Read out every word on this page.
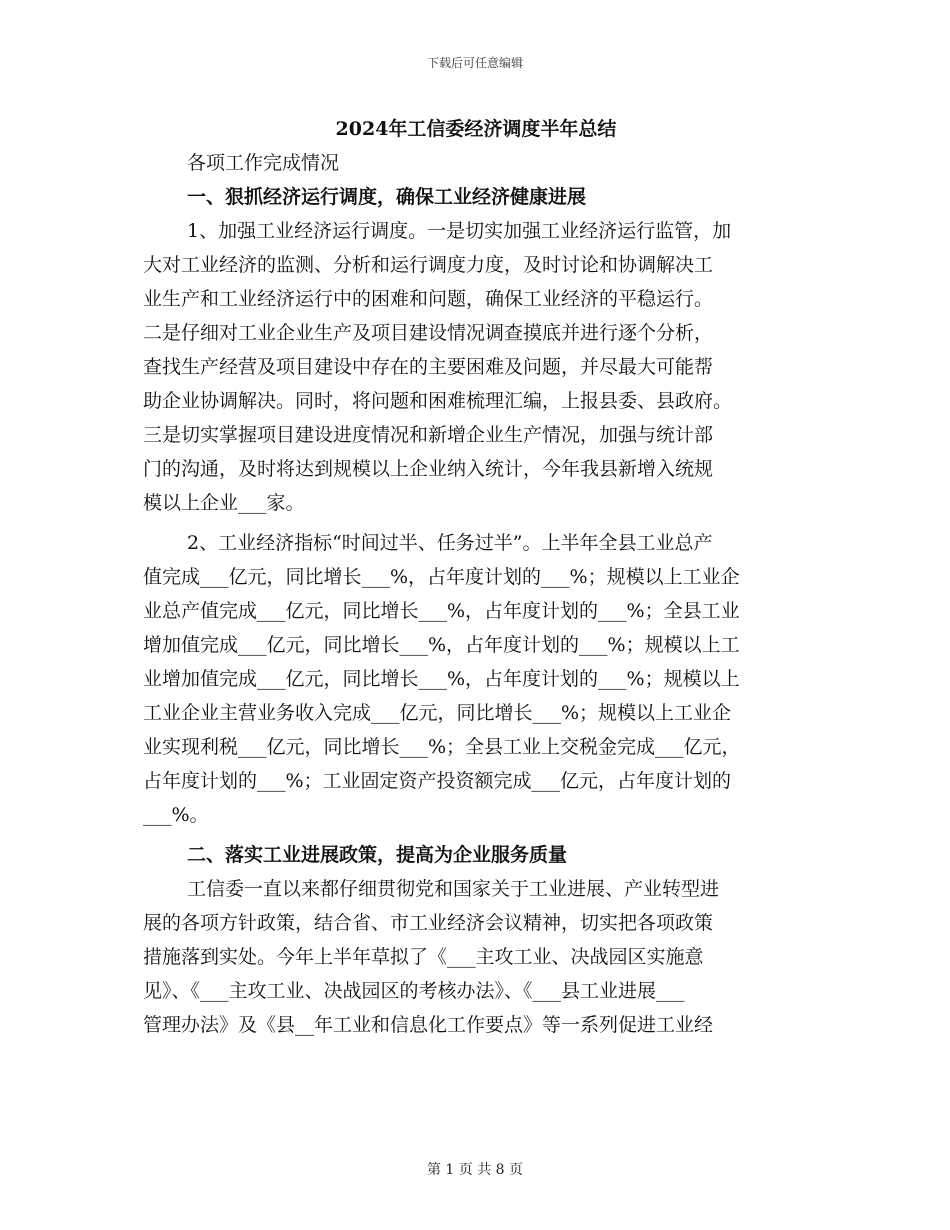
下载后可任意编辑

2024年工信委经济调度半年总结

各项工作完成情况

一、狠抓经济运行调度，确保工业经济健康进展

1、加强工业经济运行调度。一是切实加强工业经济运行监管，加

大对工业经济的监测、分析和运行调度力度，及时讨论和协调解决工

业生产和工业经济运行中的困难和问题，确保工业经济的平稳运行。

二是仔细对工业企业生产及项目建设情况调查摸底并进行逐个分析，

查找生产经营及项目建设中存在的主要困难及问题，并尽最大可能帮

助企业协调解决。同时，将问题和困难梳理汇编，上报县委、县政府。

三是切实掌握项目建设进度情况和新增企业生产情况，加强与统计部

门的沟通，及时将达到规模以上企业纳入统计，今年我县新增入统规

模以上企业___家。

2、工业经济指标“时间过半、任务过半”。上半年全县工业总产

值完成___亿元，同比增长___%，占年度计划的___%；规模以上工业企

业总产值完成___亿元，同比增长___%，占年度计划的___%；全县工业

增加值完成___亿元，同比增长___%，占年度计划的___%；规模以上工

业增加值完成___亿元，同比增长___%，占年度计划的___%；规模以上

工业企业主营业务收入完成___亿元，同比增长___%；规模以上工业企

业实现利税___亿元，同比增长___%；全县工业上交税金完成___亿元，

占年度计划的___%；工业固定资产投资额完成___亿元，占年度计划的

___%。

二、落实工业进展政策，提高为企业服务质量

工信委一直以来都仔细贯彻党和国家关于工业进展、产业转型进

展的各项方针政策，结合省、市工业经济会议精神，切实把各项政策

措施落到实处。今年上半年草拟了《___主攻工业、决战园区实施意

见》、《___主攻工业、决战园区的考核办法》、《___县工业进展___

管理办法》及《县__年工业和信息化工作要点》等一系列促进工业经

第 1 页 共 8 页
